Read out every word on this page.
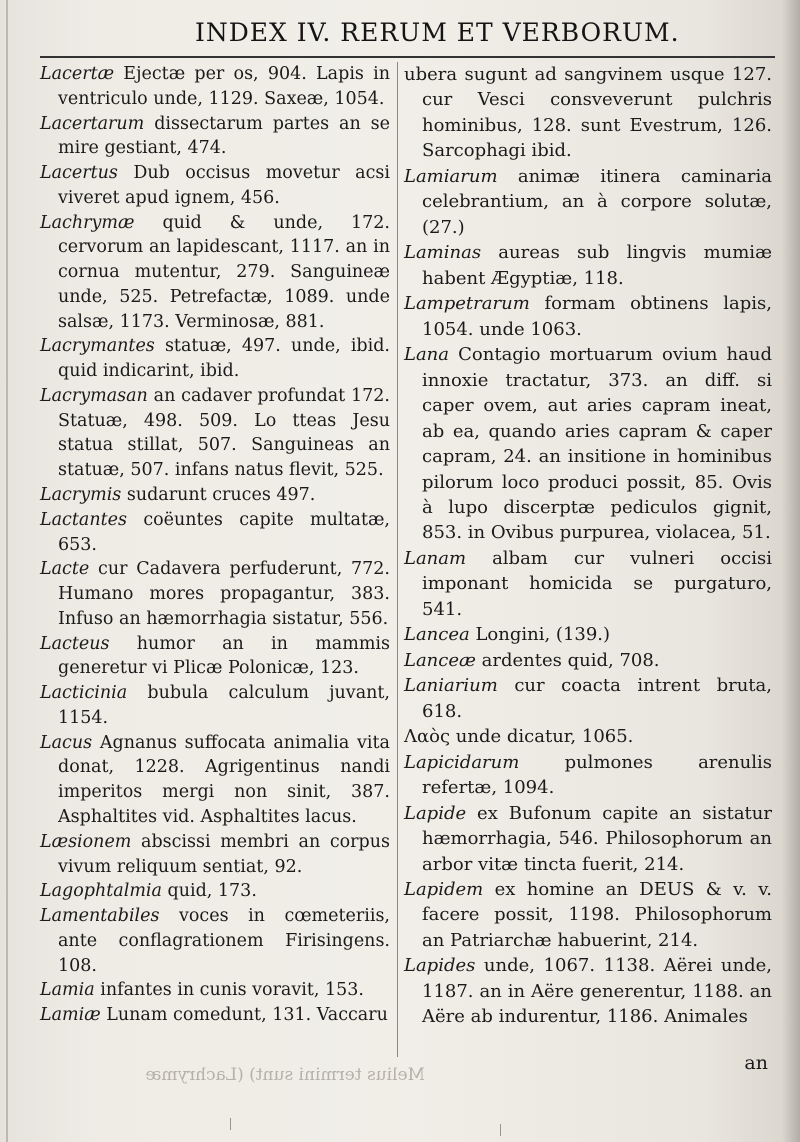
INDEX IV. RERUM ET VERBORUM.

Lacertæ Ejectæ per os, 904. Lapis in ventriculo unde, 1129. Saxeæ, 1054.

Lacertarum dissectarum partes an se mire gestiant, 474.

Lacertus Dub occisus movetur acsi viveret apud ignem, 456.

Lachrymæ quid & unde, 172. cervorum an lapidescant, 1117. an in cornua mutentur, 279. Sanguineæ unde, 525. Petrefactæ, 1089. unde salsæ, 1173. Verminosæ, 881.

Lacrymantes statuæ, 497. unde, ibid. quid indicarint, ibid.

Lacrymasan an cadaver profundat 172. Statuæ, 498. 509. Lo tteas Jesu statua stillat, 507. Sanguineas an statuæ, 507. infans natus flevit, 525.

Lacrymis sudarunt cruces 497.

Lactantes coëuntes capite multatæ, 653.

Lacte cur Cadavera perfuderunt, 772. Humano mores propagantur, 383. Infuso an hæmorrhagia sistatur, 556.

Lacteus humor an in mammis generetur vi Plicæ Polonicæ, 123.

Lacticinia bubula calculum juvant, 1154.

Lacus Agnanus suffocata animalia vita donat, 1228. Agrigentinus nandi imperitos mergi non sinit, 387. Asphaltites vid. Asphaltites lacus.

Læsionem abscissi membri an corpus vivum reliquum sentiat, 92.

Lagophtalmia quid, 173.

Lamentabiles voces in cœmeteriis, ante conflagrationem Firisingens. 108.

Lamia infantes in cunis voravit, 153.

Lamiæ Lunam comedunt, 131. Vaccaru

ubera sugunt ad sangvinem usque 127. cur Vesci consveverunt pulchris hominibus, 128. sunt Evestrum, 126. Sarcophagi ibid.

Lamiarum animæ itinera caminaria celebrantium, an à corpore solutæ, (27.)

Laminas aureas sub lingvis mumiæ habent Ægyptiæ, 118.

Lampetrarum formam obtinens lapis, 1054. unde 1063.

Lana Contagio mortuarum ovium haud innoxie tractatur, 373. an diff. si caper ovem, aut aries capram ineat, ab ea, quando aries capram & caper capram, 24. an insitione in hominibus pilorum loco produci possit, 85. Ovis à lupo discerptæ pediculos gignit, 853. in Ovibus purpurea, violacea, 51.

Lanam albam cur vulneri occisi imponant homicida se purgaturo, 541.

Lancea Longini, (139.)

Lanceæ ardentes quid, 708.

Laniarium cur coacta intrent bruta, 618.

Λαὸς unde dicatur, 1065.

Lapicidarum pulmones arenulis refertæ, 1094.

Lapide ex Bufonum capite an sistatur hæmorrhagia, 546. Philosophorum an arbor vitæ tincta fuerit, 214.

Lapidem ex homine an DEUS & v. v. facere possit, 1198. Philosophorum an Patriarchæ habuerint, 214.

Lapides unde, 1067. 1138. Aërei unde, 1187. an in Aëre generentur, 1188. an Aëre ab indurentur, 1186. Animales

an
Melius termini sunt) (Lachrymæ
